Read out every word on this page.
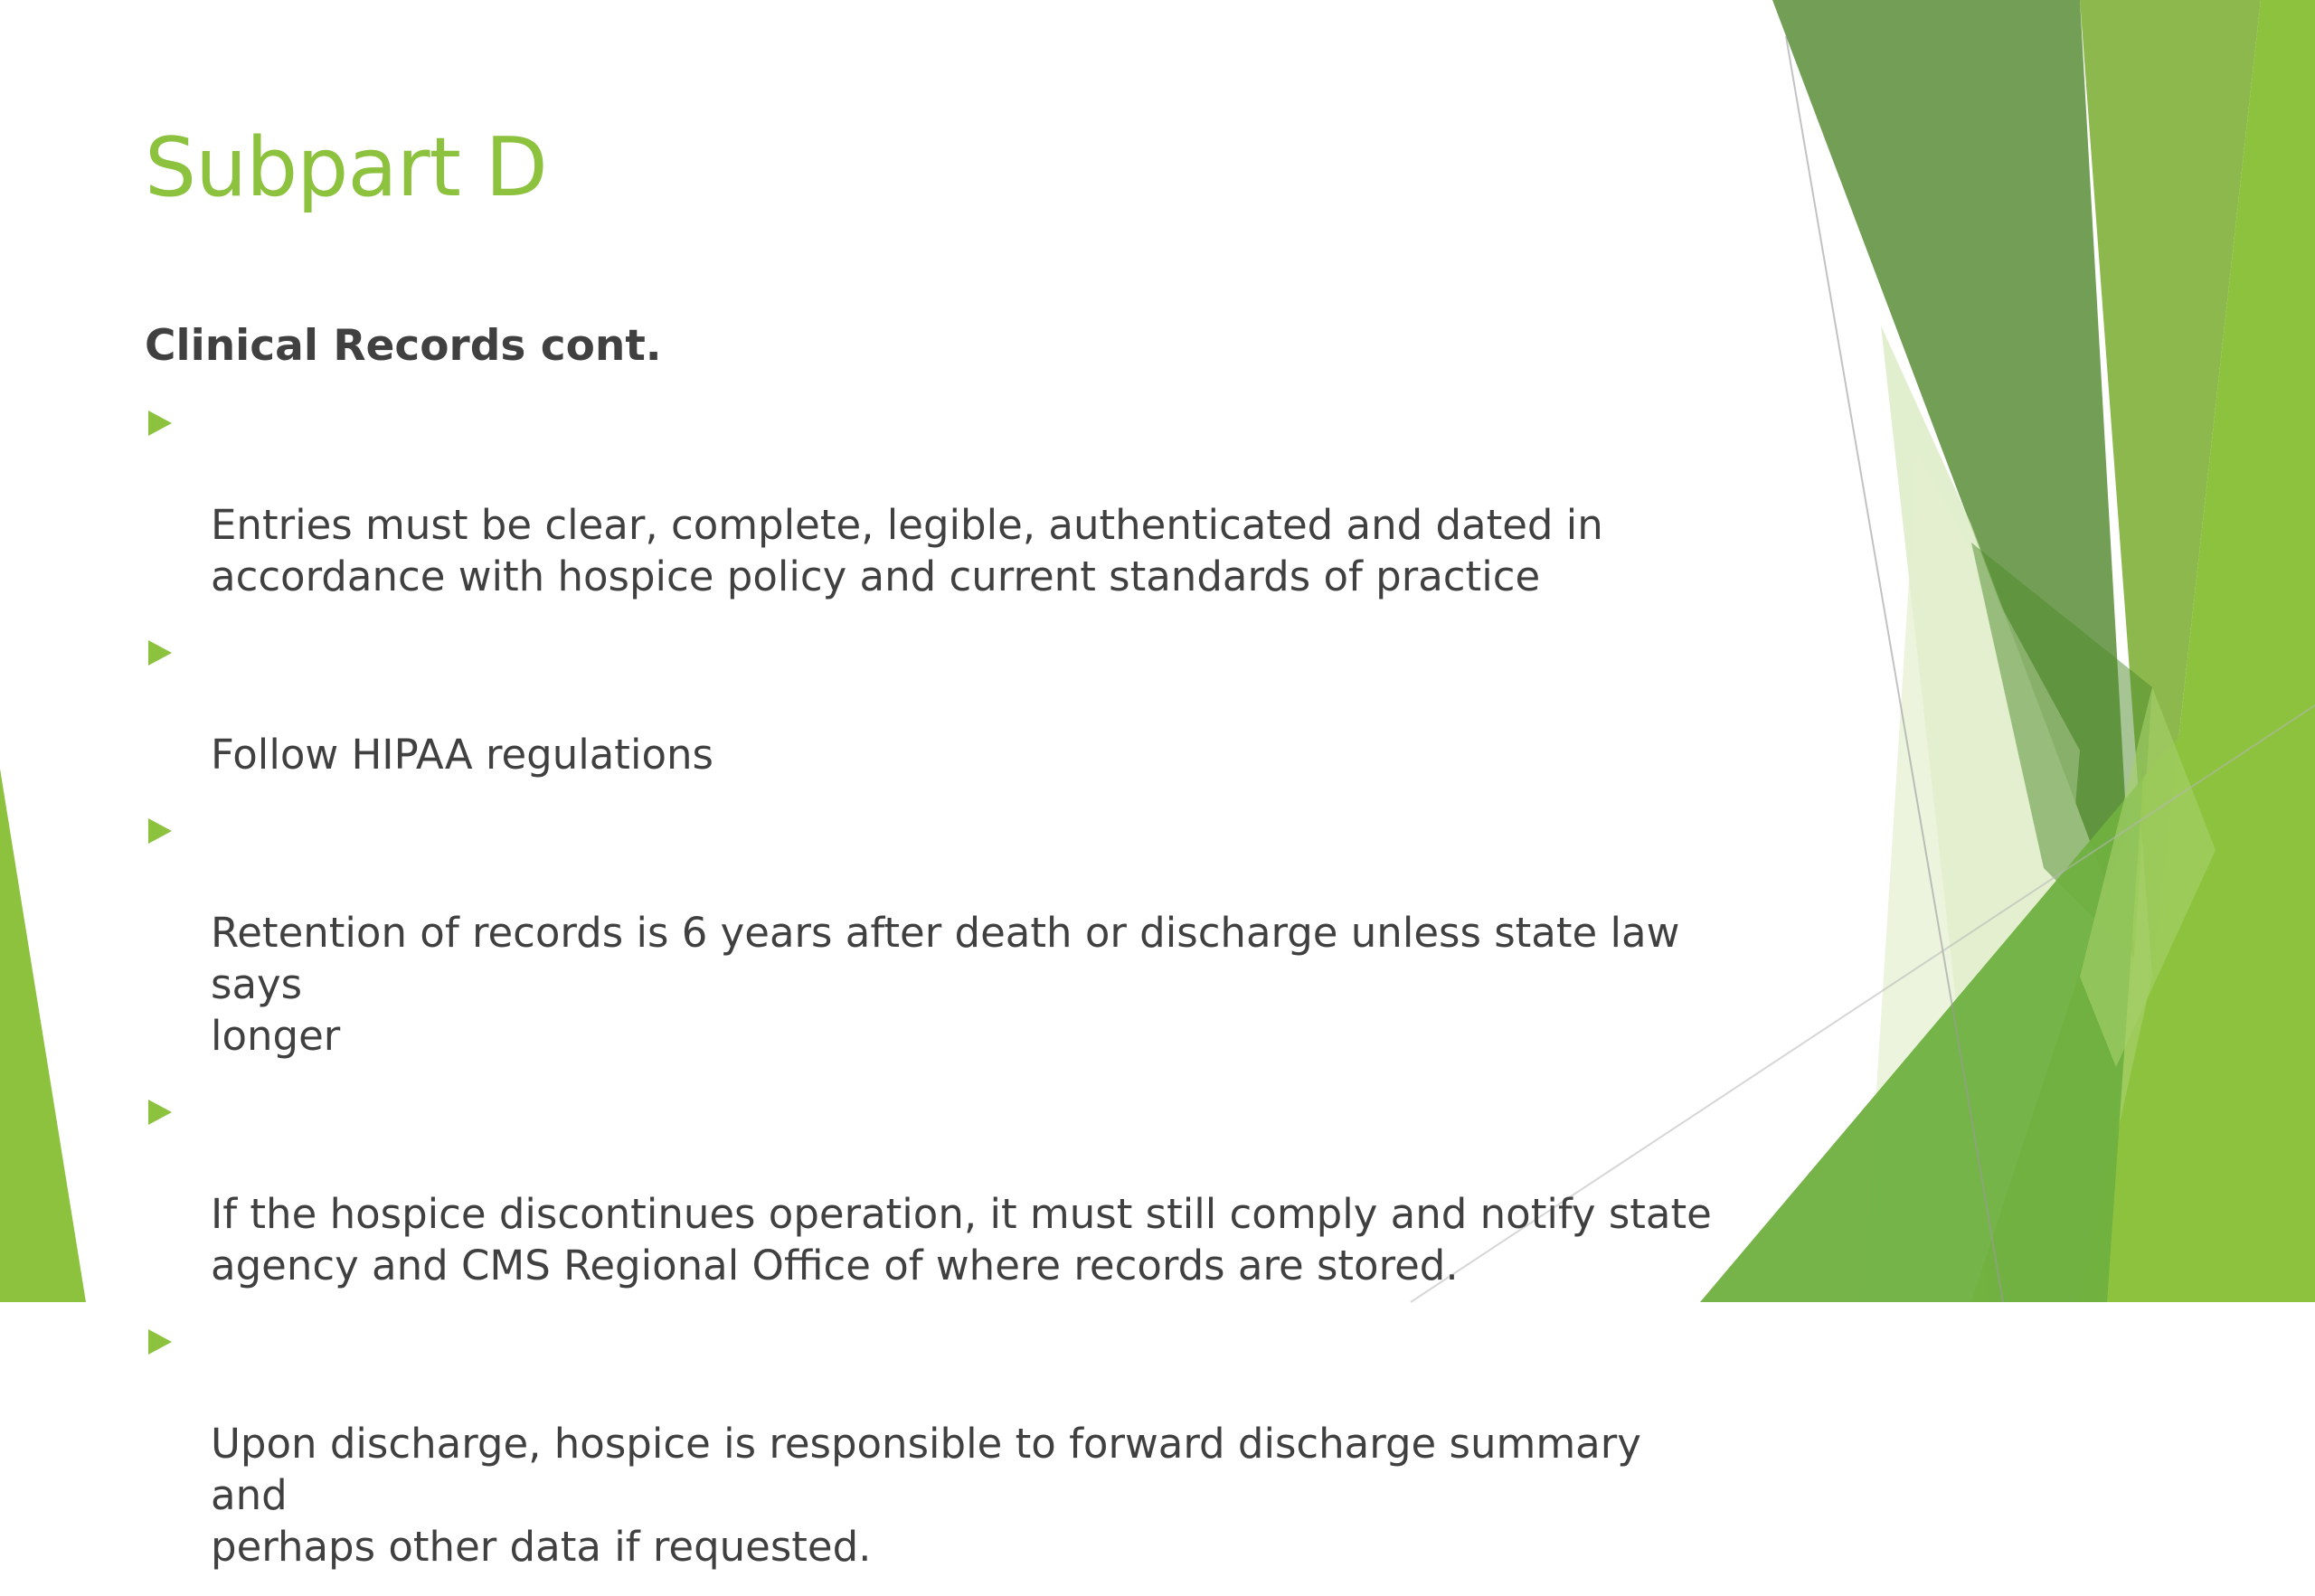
Subpart D
Clinical Records cont.

Entries must be clear, complete, legible, authenticated and dated in
accordance with hospice policy and current standards of practice

Follow HIPAA regulations

Retention of records is 6 years after death or discharge unless state law says
longer

If the hospice discontinues operation, it must still comply and notify state
agency and CMS Regional Office of where records are stored.

Upon discharge, hospice is responsible to forward discharge summary and
perhaps other data if requested.
